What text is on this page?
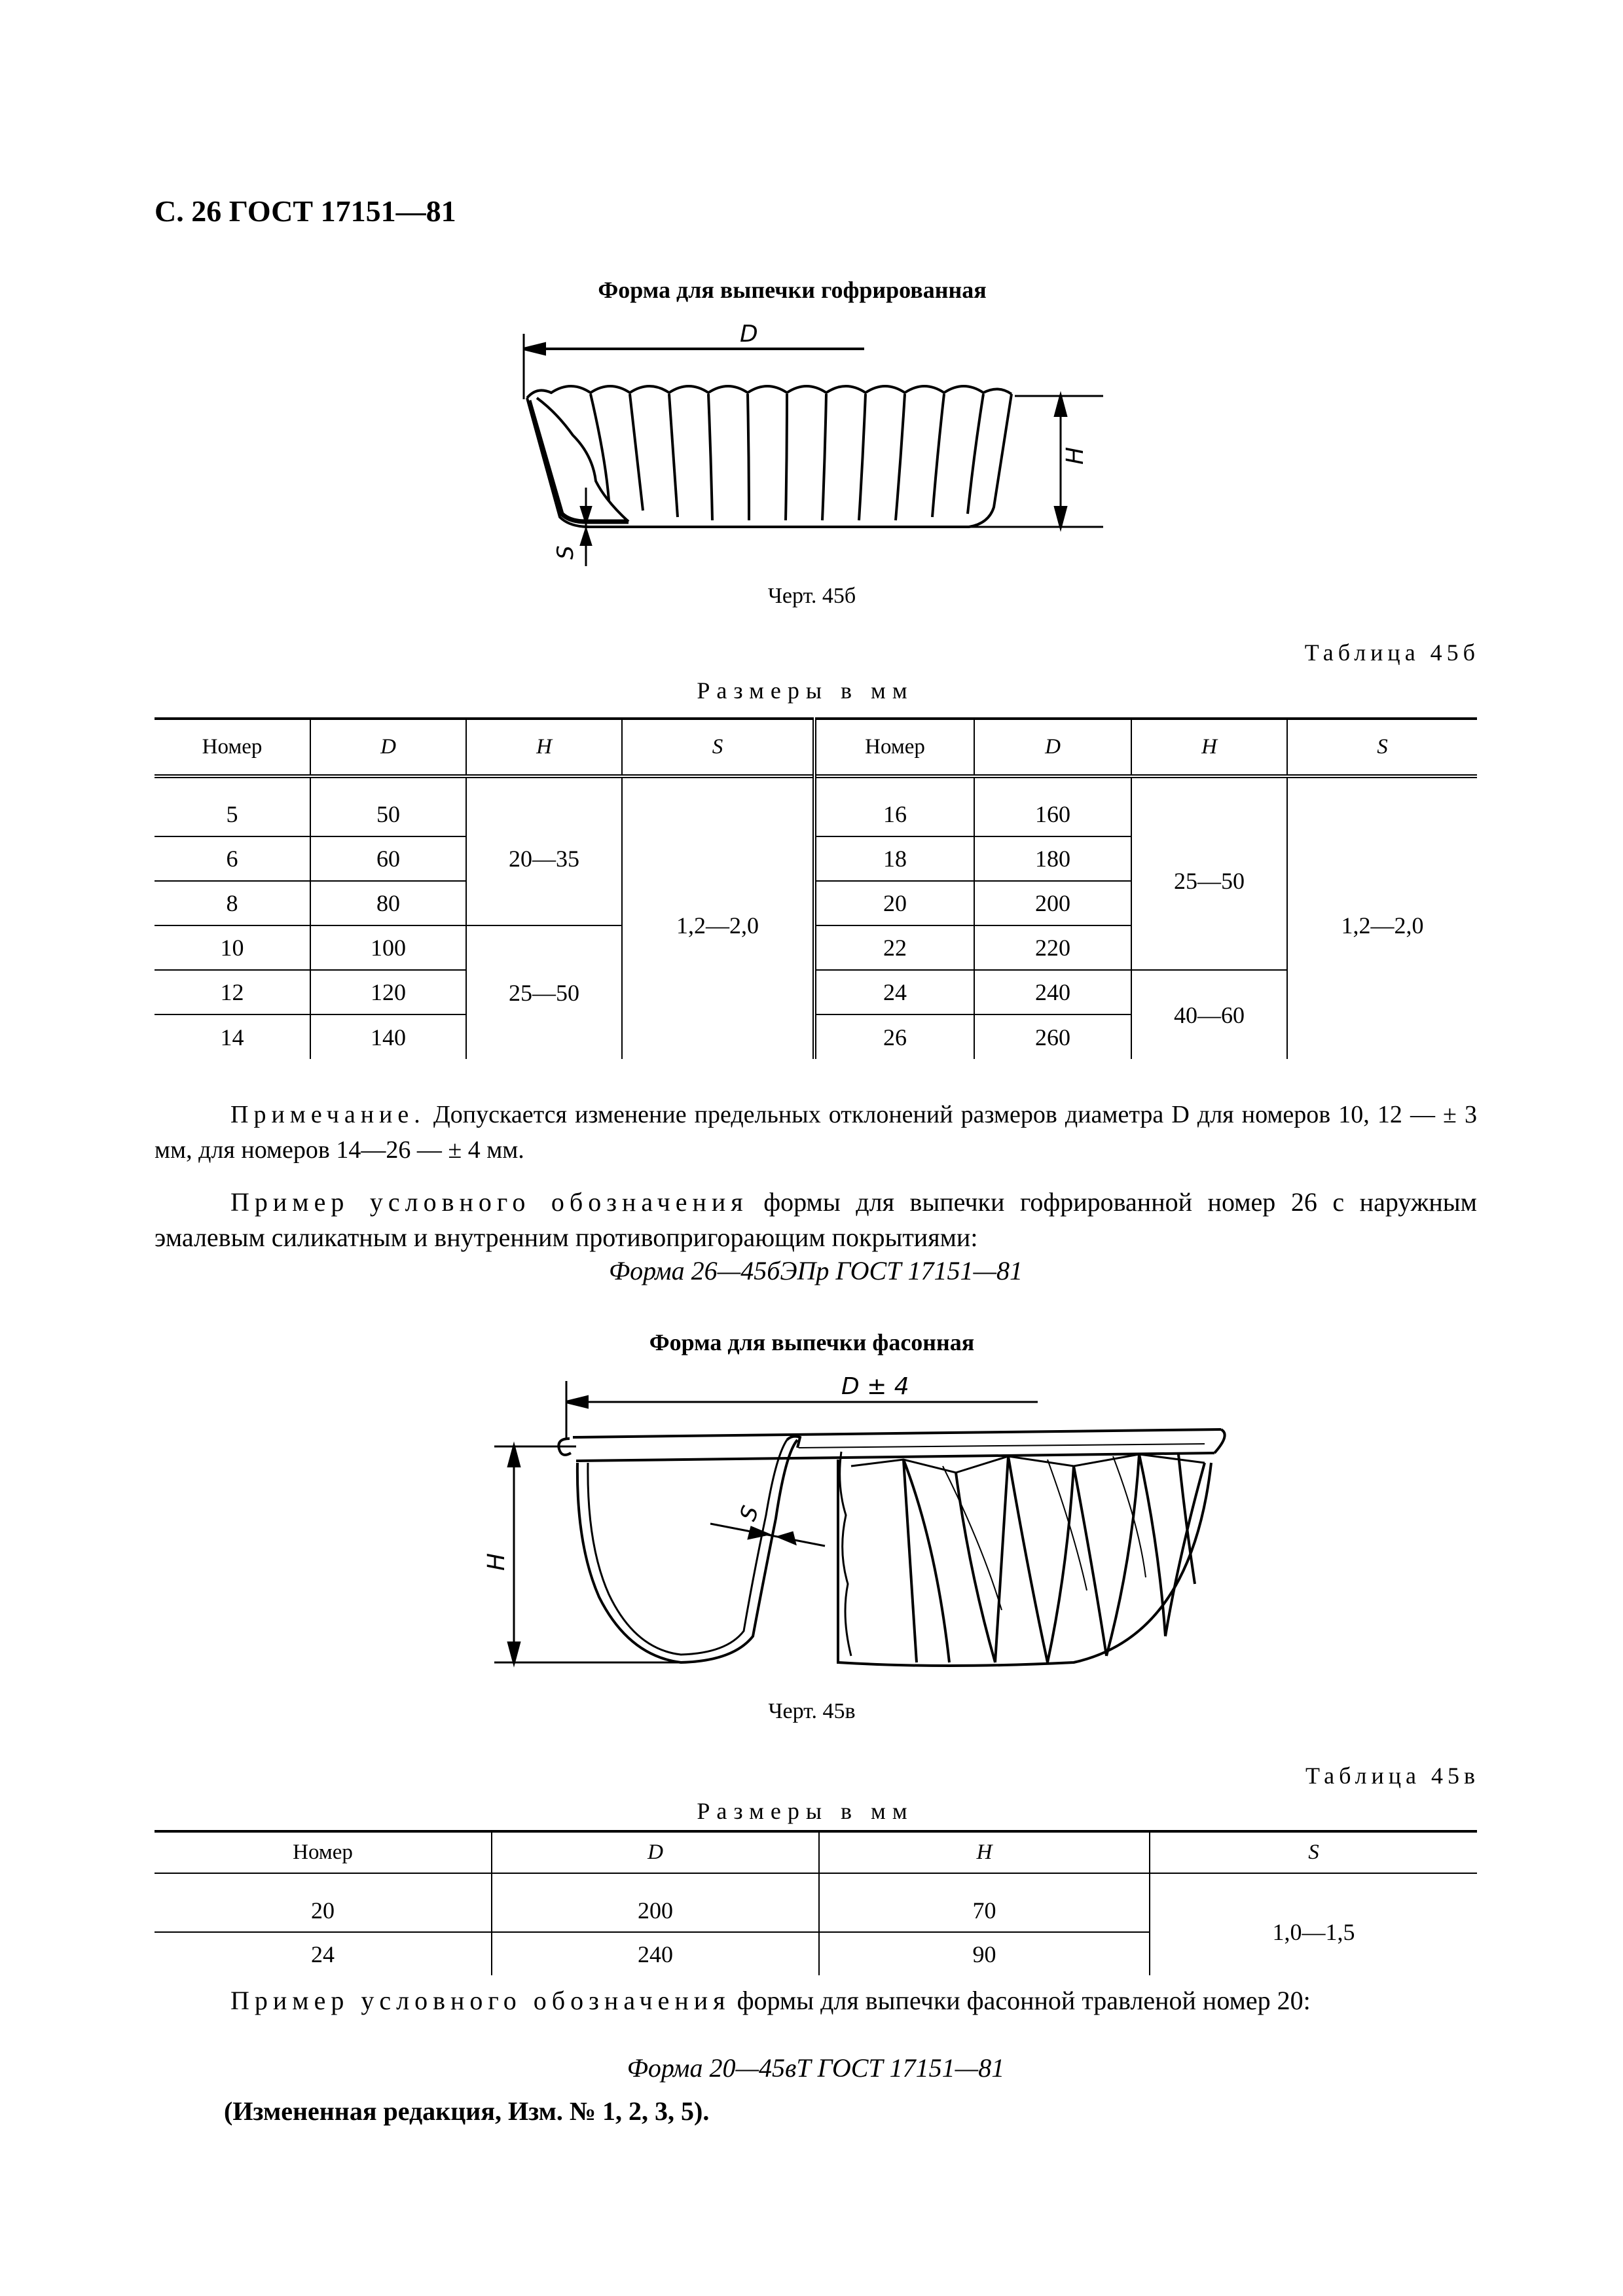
С. 26 ГОСТ 17151—81
Форма для выпечки гофрированная
D
H
S
Черт. 45б
Таблица 45б
Размеры в мм
Номер	D	H	S	Номер	D	H	S

5	50	20—35	1,2—2,0	16	160	25—50	1,2—2,0
6	60			18	180		
8	80			20	200		
10	100	25—50		22	220		
12	120			24	240	40—60	
14	140			26	260		
Примечание. Допускается изменение предельных отклонений размеров диаметра D для номеров 10, 12 — ± 3 мм, для номеров 14—26 — ± 4 мм.
Пример условного обозначения формы для выпечки гофрированной номер 26 с наружным эмалевым силикатным и внутренним противопригорающим покрытиями:
Форма 26—45бЭПр ГОСТ 17151—81
Форма для выпечки фасонная
D ± 4
H
S
Черт. 45в
Таблица 45в
Размеры в мм
Номер	D	H	S

20	200	70	1,0—1,5
24	240	90	
Пример условного обозначения формы для выпечки фасонной травленой номер 20:
Форма 20—45вТ ГОСТ 17151—81
(Измененная редакция, Изм. № 1, 2, 3, 5).
